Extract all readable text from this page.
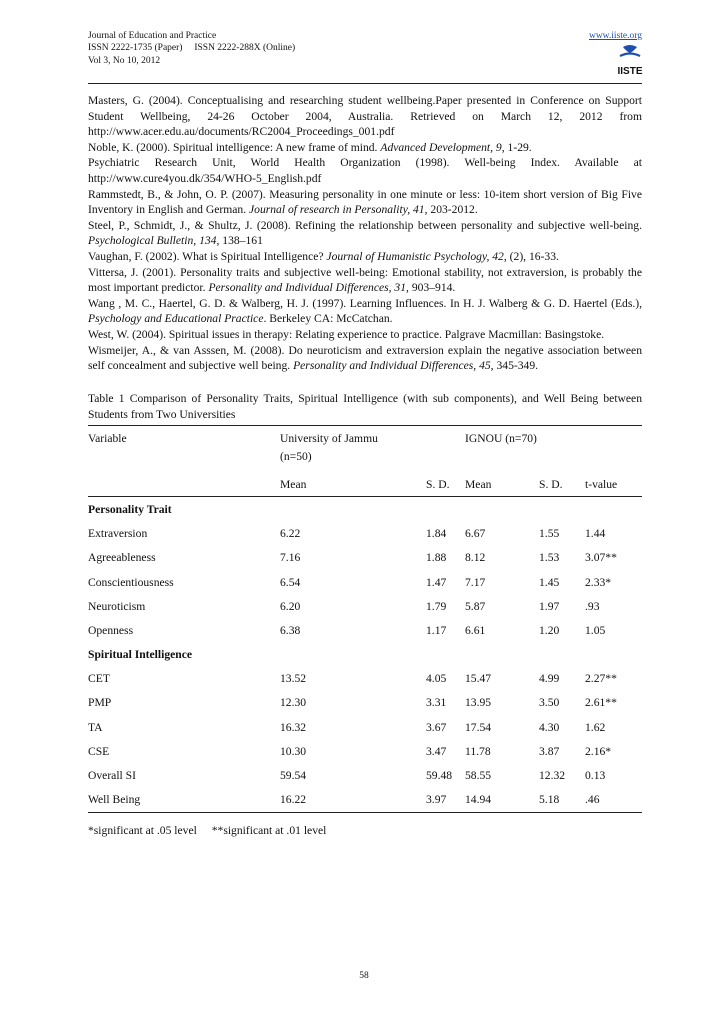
Journal of Education and Practice
ISSN 2222-1735 (Paper)     ISSN 2222-288X (Online)
Vol 3, No 10, 2012
www.iiste.org
IISTE

Masters, G. (2004). Conceptualising and researching student wellbeing.Paper presented in Conference on Support Student Wellbeing, 24-26 October 2004, Australia. Retrieved on March 12, 2012 from http://www.acer.edu.au/documents/RC2004_Proceedings_001.pdf

Noble, K. (2000). Spiritual intelligence: A new frame of mind. Advanced Development, 9, 1-29.

Psychiatric Research Unit, World Health Organization (1998). Well-being Index. Available at http://www.cure4you.dk/354/WHO-5_English.pdf

Rammstedt, B., & John, O. P. (2007). Measuring personality in one minute or less: 10-item short version of Big Five Inventory in English and German. Journal of research in Personality, 41, 203-2012.

Steel, P., Schmidt, J., & Shultz, J. (2008). Refining the relationship between personality and subjective well-being. Psychological Bulletin, 134, 138–161

Vaughan, F. (2002). What is Spiritual Intelligence? Journal of Humanistic Psychology, 42, (2), 16-33.

Vittersa, J. (2001). Personality traits and subjective well-being: Emotional stability, not extraversion, is probably the most important predictor. Personality and Individual Differences, 31, 903–914.

Wang , M. C., Haertel, G. D. & Walberg, H. J. (1997). Learning Influences. In H. J. Walberg & G. D. Haertel (Eds.), Psychology and Educational Practice. Berkeley CA: McCatchan.

West, W. (2004). Spiritual issues in therapy: Relating experience to practice. Palgrave Macmillan: Basingstoke.

Wismeijer, A., & van Asssen, M. (2008). Do neuroticism and extraversion explain the negative association between self concealment and subjective well being. Personality and Individual Differences, 45, 345-349.

Table 1 Comparison of Personality Traits, Spiritual Intelligence (with sub components), and Well Being between Students from Two Universities
Variable	University of Jammu		IGNOU (n=70)			
	(n=50)					
	Mean	S. D.	Mean	S. D.	t-value	
Personality Trait						
Extraversion	6.22	1.84	6.67	1.55	1.44	
Agreeableness	7.16	1.88	8.12	1.53	3.07**	
Conscientiousness	6.54	1.47	7.17	1.45	2.33*	
Neuroticism	6.20	1.79	5.87	1.97	.93	
Openness	6.38	1.17	6.61	1.20	1.05	
Spiritual Intelligence						
CET	13.52	4.05	15.47	4.99	2.27**	
PMP	12.30	3.31	13.95	3.50	2.61**	
TA	16.32	3.67	17.54	4.30	1.62	
CSE	10.30	3.47	11.78	3.87	2.16*	
Overall SI	59.54	59.48	58.55	12.32	0.13	
Well Being	16.22	3.97	14.94	5.18	.46	
*significant at .05 level **significant at .01 level
58
